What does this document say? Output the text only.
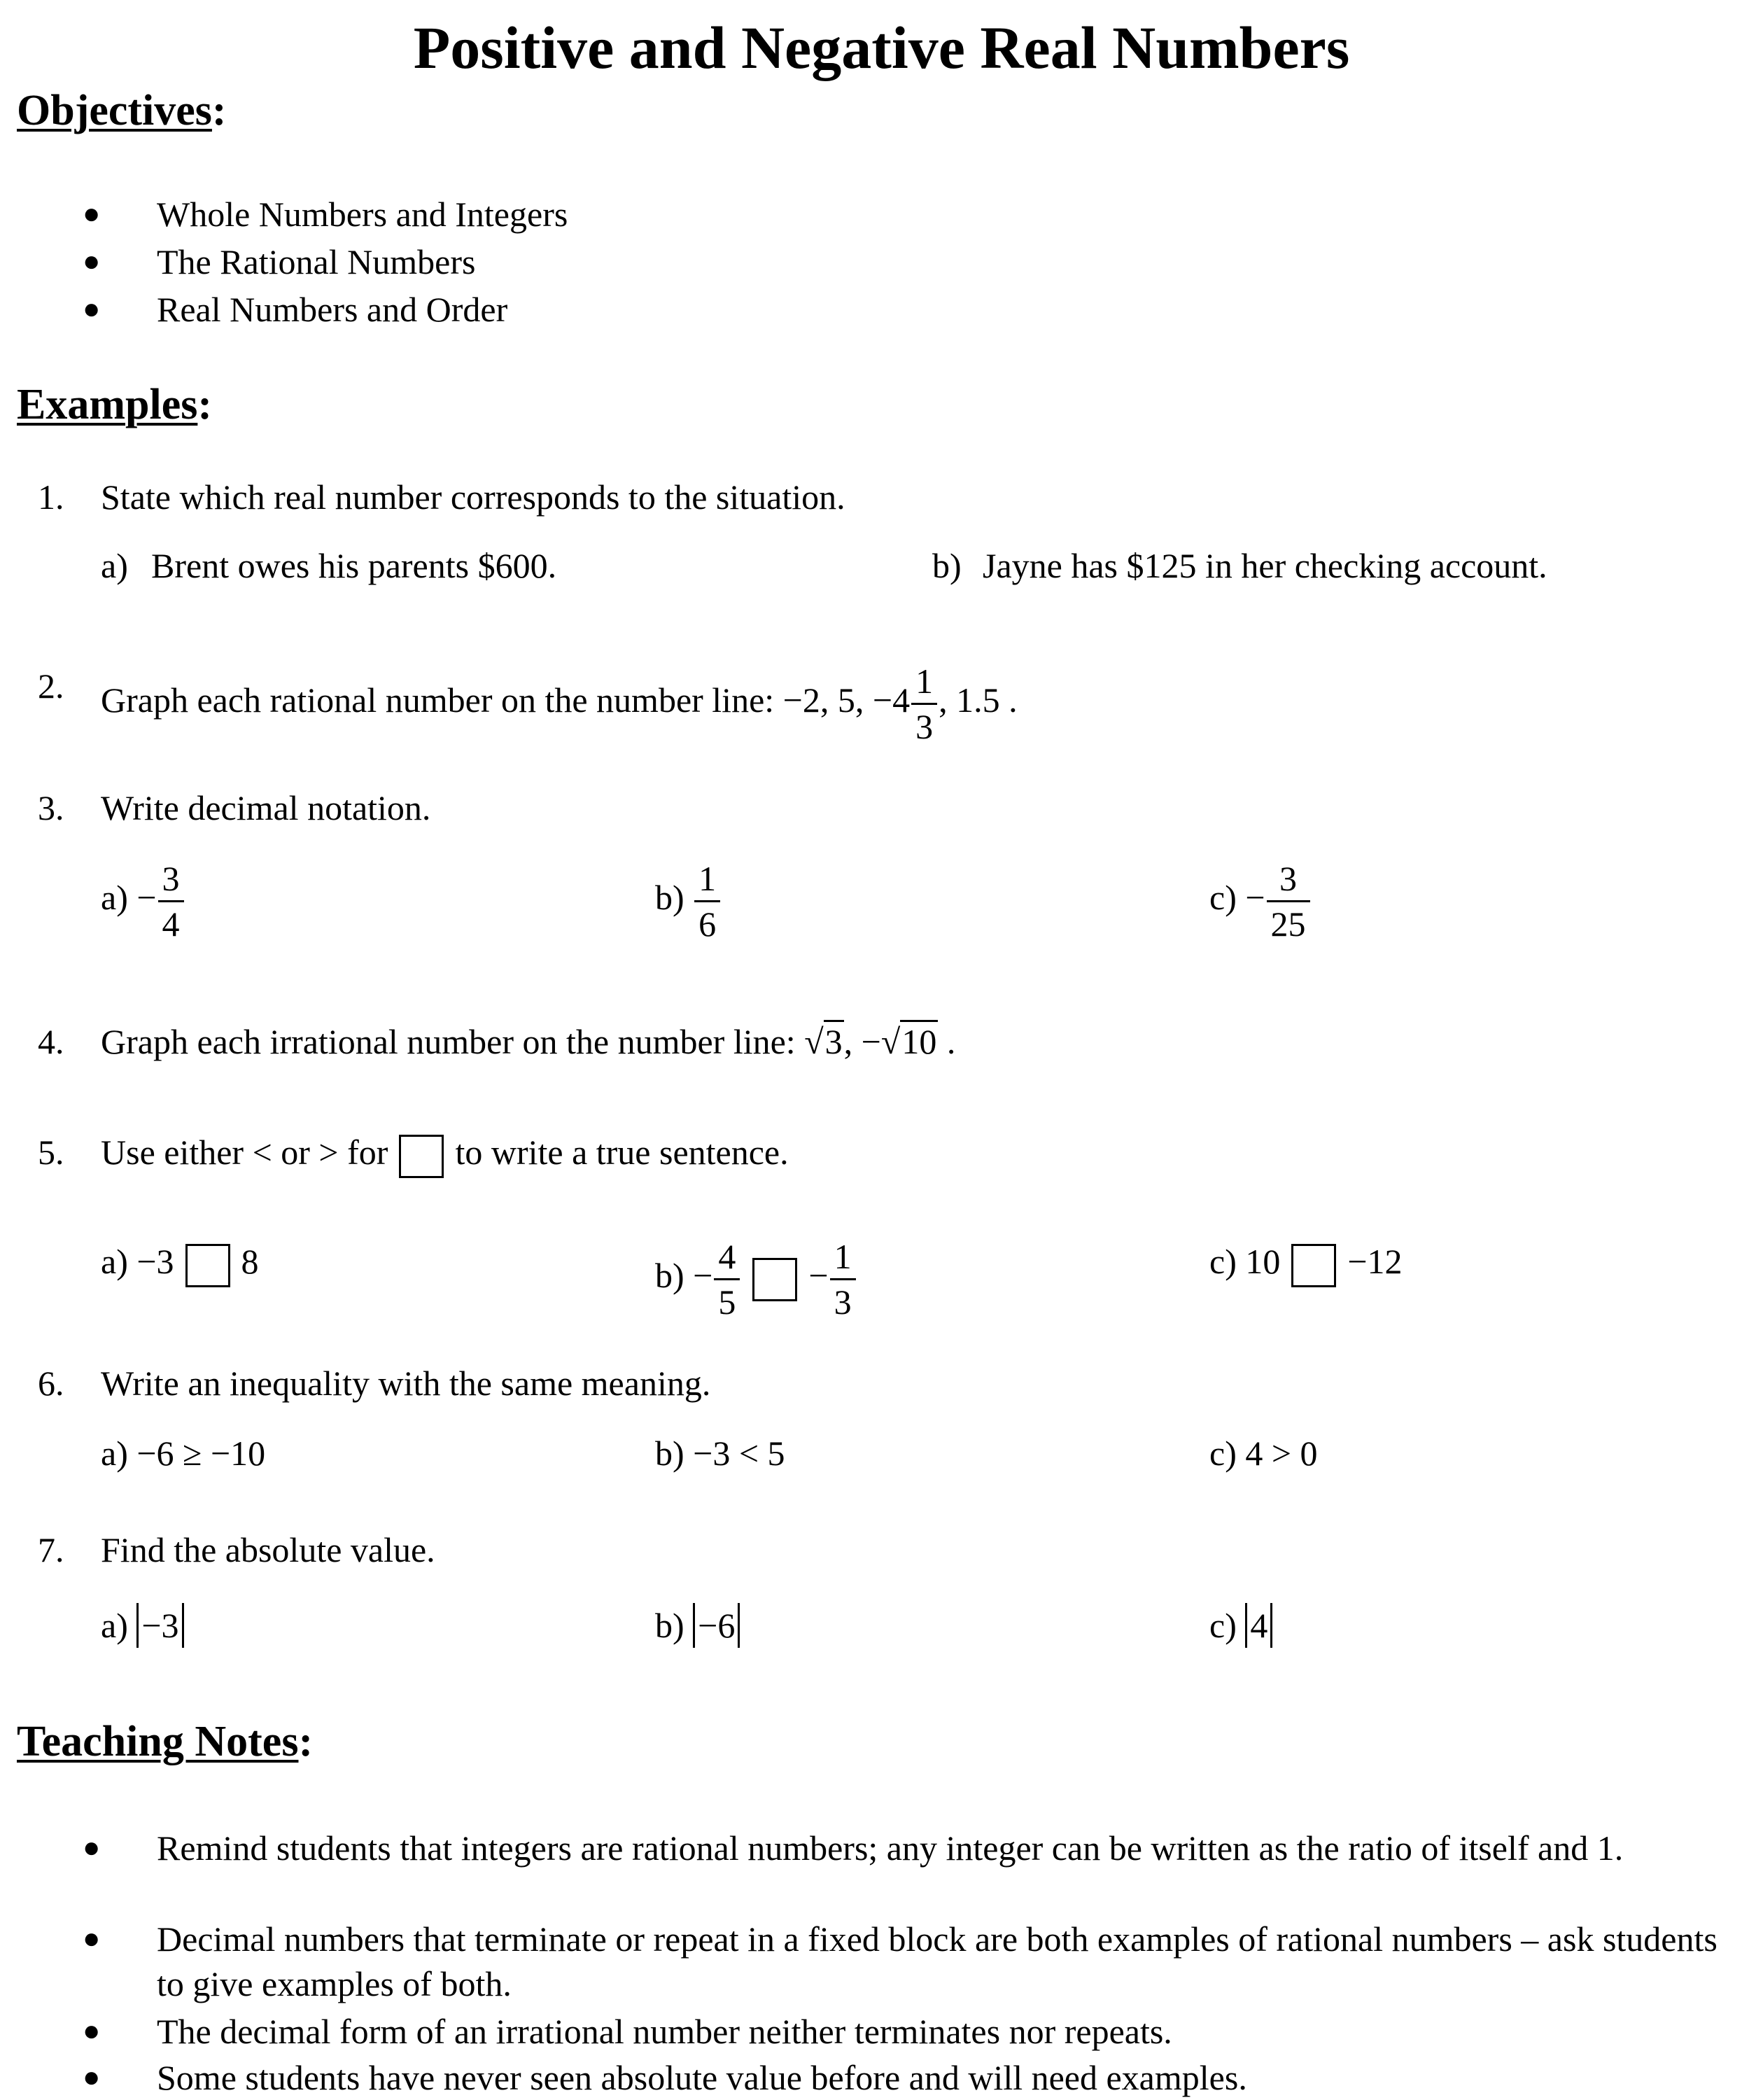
Positive and Negative Real Numbers
Objectives:
● Whole Numbers and Integers
● The Rational Numbers
● Real Numbers and Order
Examples:
1. State which real number corresponds to the situation.
a) Brent owes his parents $600.	b) Jayne has $125 in her checking account.
2. Graph each rational number on the number line: −2, 5, $-4 \frac{1}{3}$ , 1.5 .
3. Write decimal notation.
$a) - \frac{3}{4}$	$b) \frac{1}{6}$	$c) - \frac{3}{25}$
4. Graph each irrational number on the number line: √3, −√10 .
5. Use either < or > for to write a true sentence.
a) −3 8	$b) - \frac{4}{5} - \frac{1}{3}$	c) 10 −12
6. Write an inequality with the same meaning.
a) −6 ≥ −10	b) −3 < 5	c) 4 > 0
7. Find the absolute value.
a) −3	b) −6	c) 4
Teaching Notes:
● Remind students that integers are rational numbers; any integer can be written as the ratio of itself and 1.
● Decimal numbers that terminate or repeat in a fixed block are both examples of rational numbers – ask students to give examples of both.
● The decimal form of an irrational number neither terminates nor repeats.
● Some students have never seen absolute value before and will need examples.
